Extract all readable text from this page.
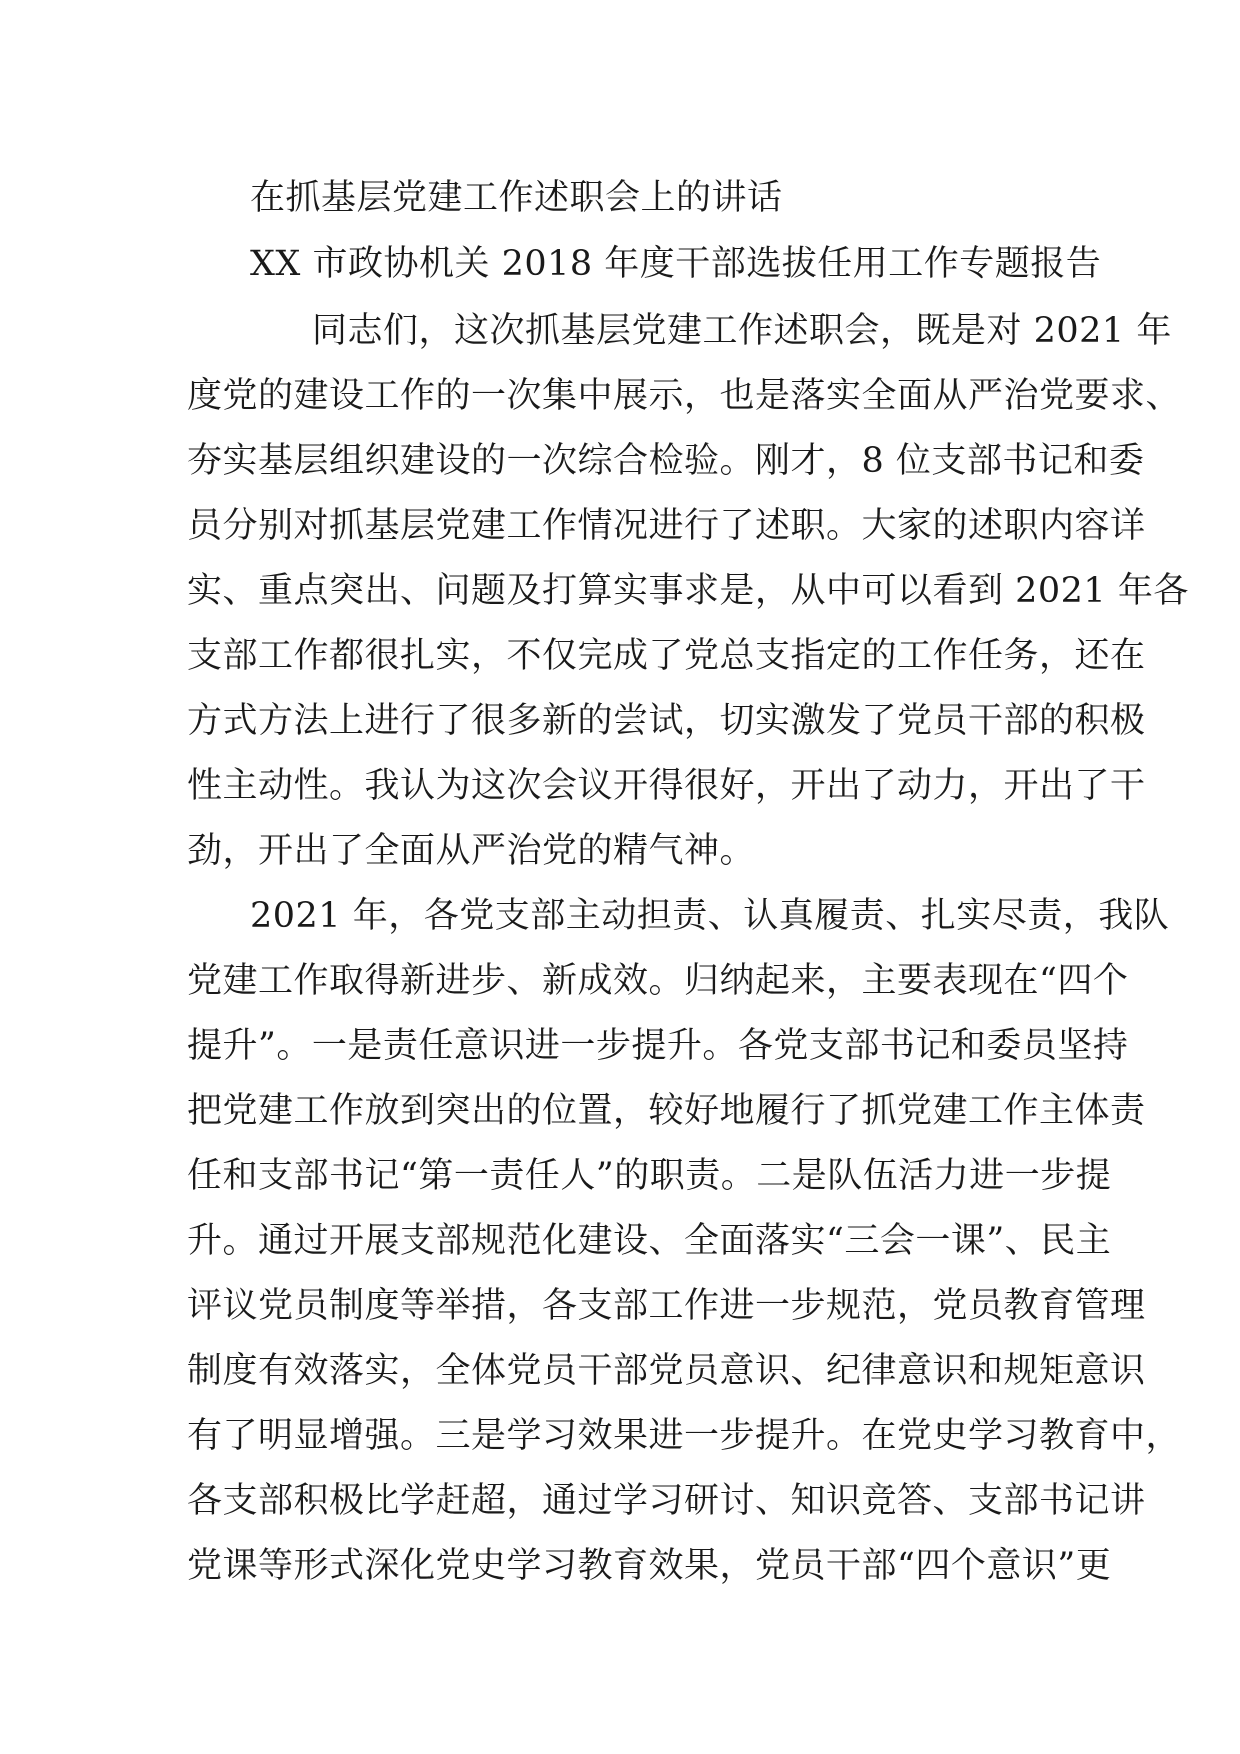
在抓基层党建工作述职会上的讲话

XX 市政协机关 2018 年度干部选拔任用工作专题报告

同志们，这次抓基层党建工作述职会，既是对 2021 年

度党的建设工作的一次集中展示，也是落实全面从严治党要求、

夯实基层组织建设的一次综合检验。刚才，8 位支部书记和委

员分别对抓基层党建工作情况进行了述职。大家的述职内容详

实、重点突出、问题及打算实事求是，从中可以看到 2021 年各

支部工作都很扎实，不仅完成了党总支指定的工作任务，还在

方式方法上进行了很多新的尝试，切实激发了党员干部的积极

性主动性。我认为这次会议开得很好，开出了动力，开出了干

劲，开出了全面从严治党的精气神。

2021 年，各党支部主动担责、认真履责、扎实尽责，我队

党建工作取得新进步、新成效。归纳起来，主要表现在“四个

提升”。一是责任意识进一步提升。各党支部书记和委员坚持

把党建工作放到突出的位置，较好地履行了抓党建工作主体责

任和支部书记“第一责任人”的职责。二是队伍活力进一步提

升。通过开展支部规范化建设、全面落实“三会一课”、民主

评议党员制度等举措，各支部工作进一步规范，党员教育管理

制度有效落实，全体党员干部党员意识、纪律意识和规矩意识

有了明显增强。三是学习效果进一步提升。在党史学习教育中，

各支部积极比学赶超，通过学习研讨、知识竞答、支部书记讲

党课等形式深化党史学习教育效果，党员干部“四个意识”更
